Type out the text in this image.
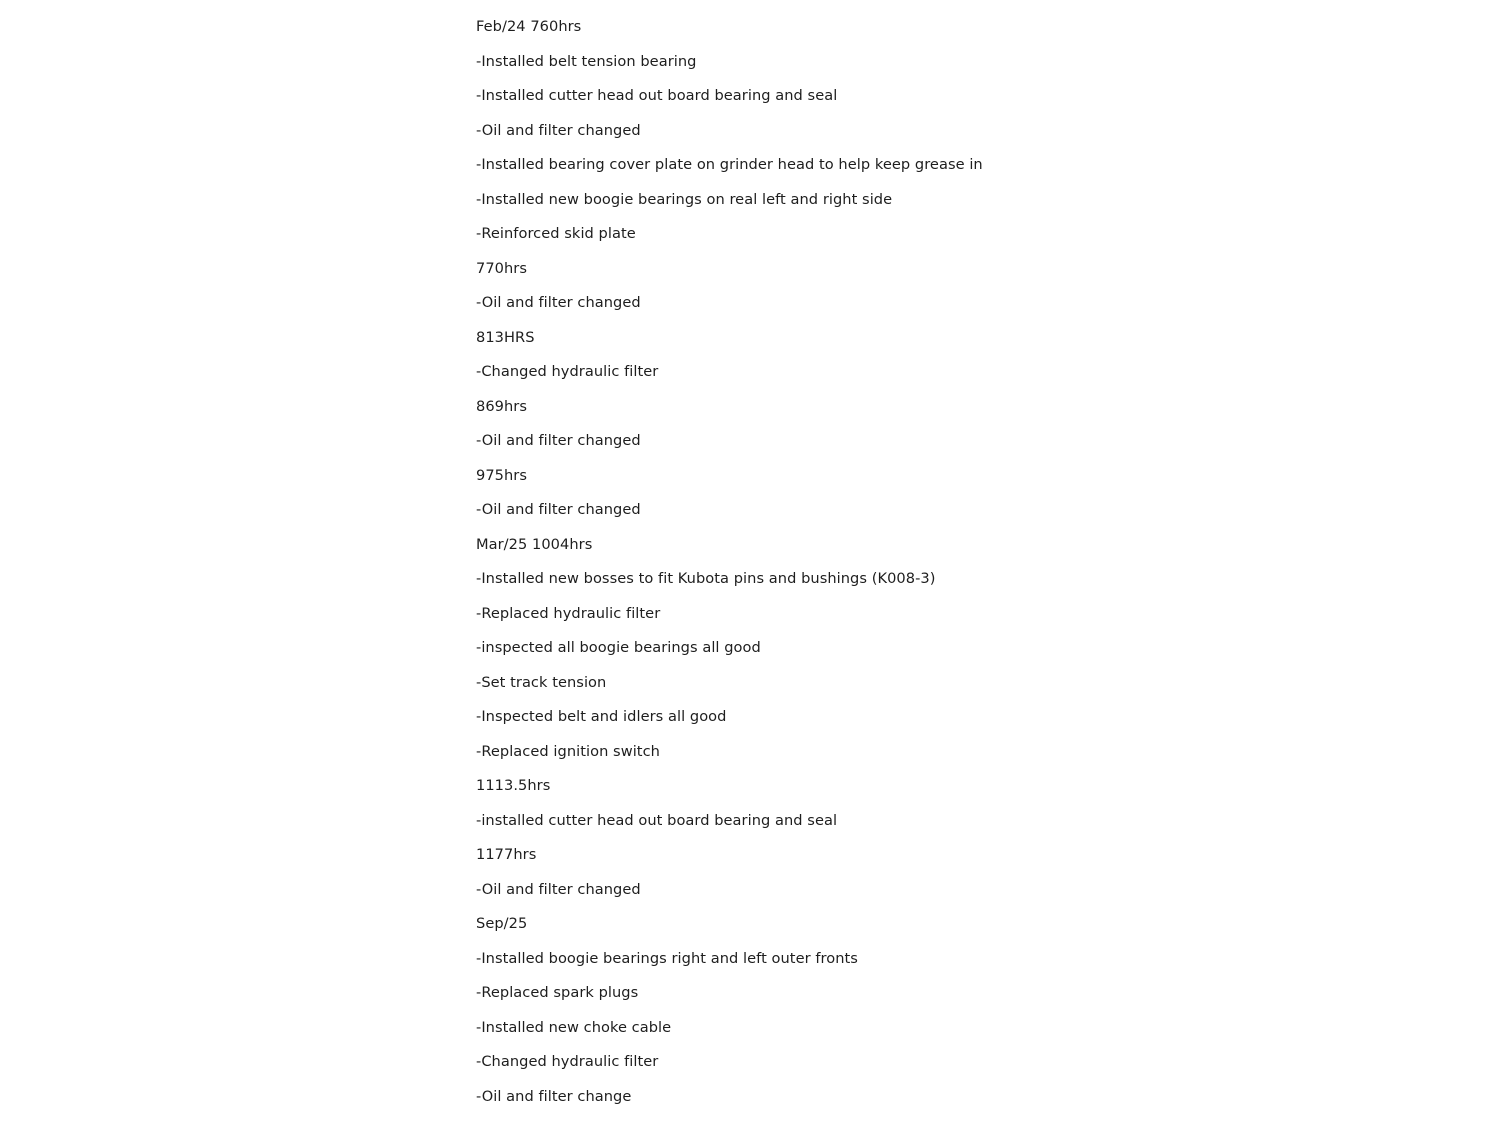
Feb/24 760hrs
-Installed belt tension bearing
-Installed cutter head out board bearing and seal
-Oil and filter changed
-Installed bearing cover plate on grinder head to help keep grease in
-Installed new boogie bearings on real left and right side
-Reinforced skid plate
770hrs
-Oil and filter changed
813HRS
-Changed hydraulic filter
869hrs
-Oil and filter changed
975hrs
-Oil and filter changed
Mar/25 1004hrs
-Installed new bosses to fit Kubota pins and bushings (K008-3)
-Replaced hydraulic filter
-inspected all boogie bearings all good
-Set track tension
-Inspected belt and idlers all good
-Replaced ignition switch
1113.5hrs
-installed cutter head out board bearing and seal
1177hrs
-Oil and filter changed
Sep/25
-Installed boogie bearings right and left outer fronts
-Replaced spark plugs
-Installed new choke cable
-Changed hydraulic filter
-Oil and filter change
